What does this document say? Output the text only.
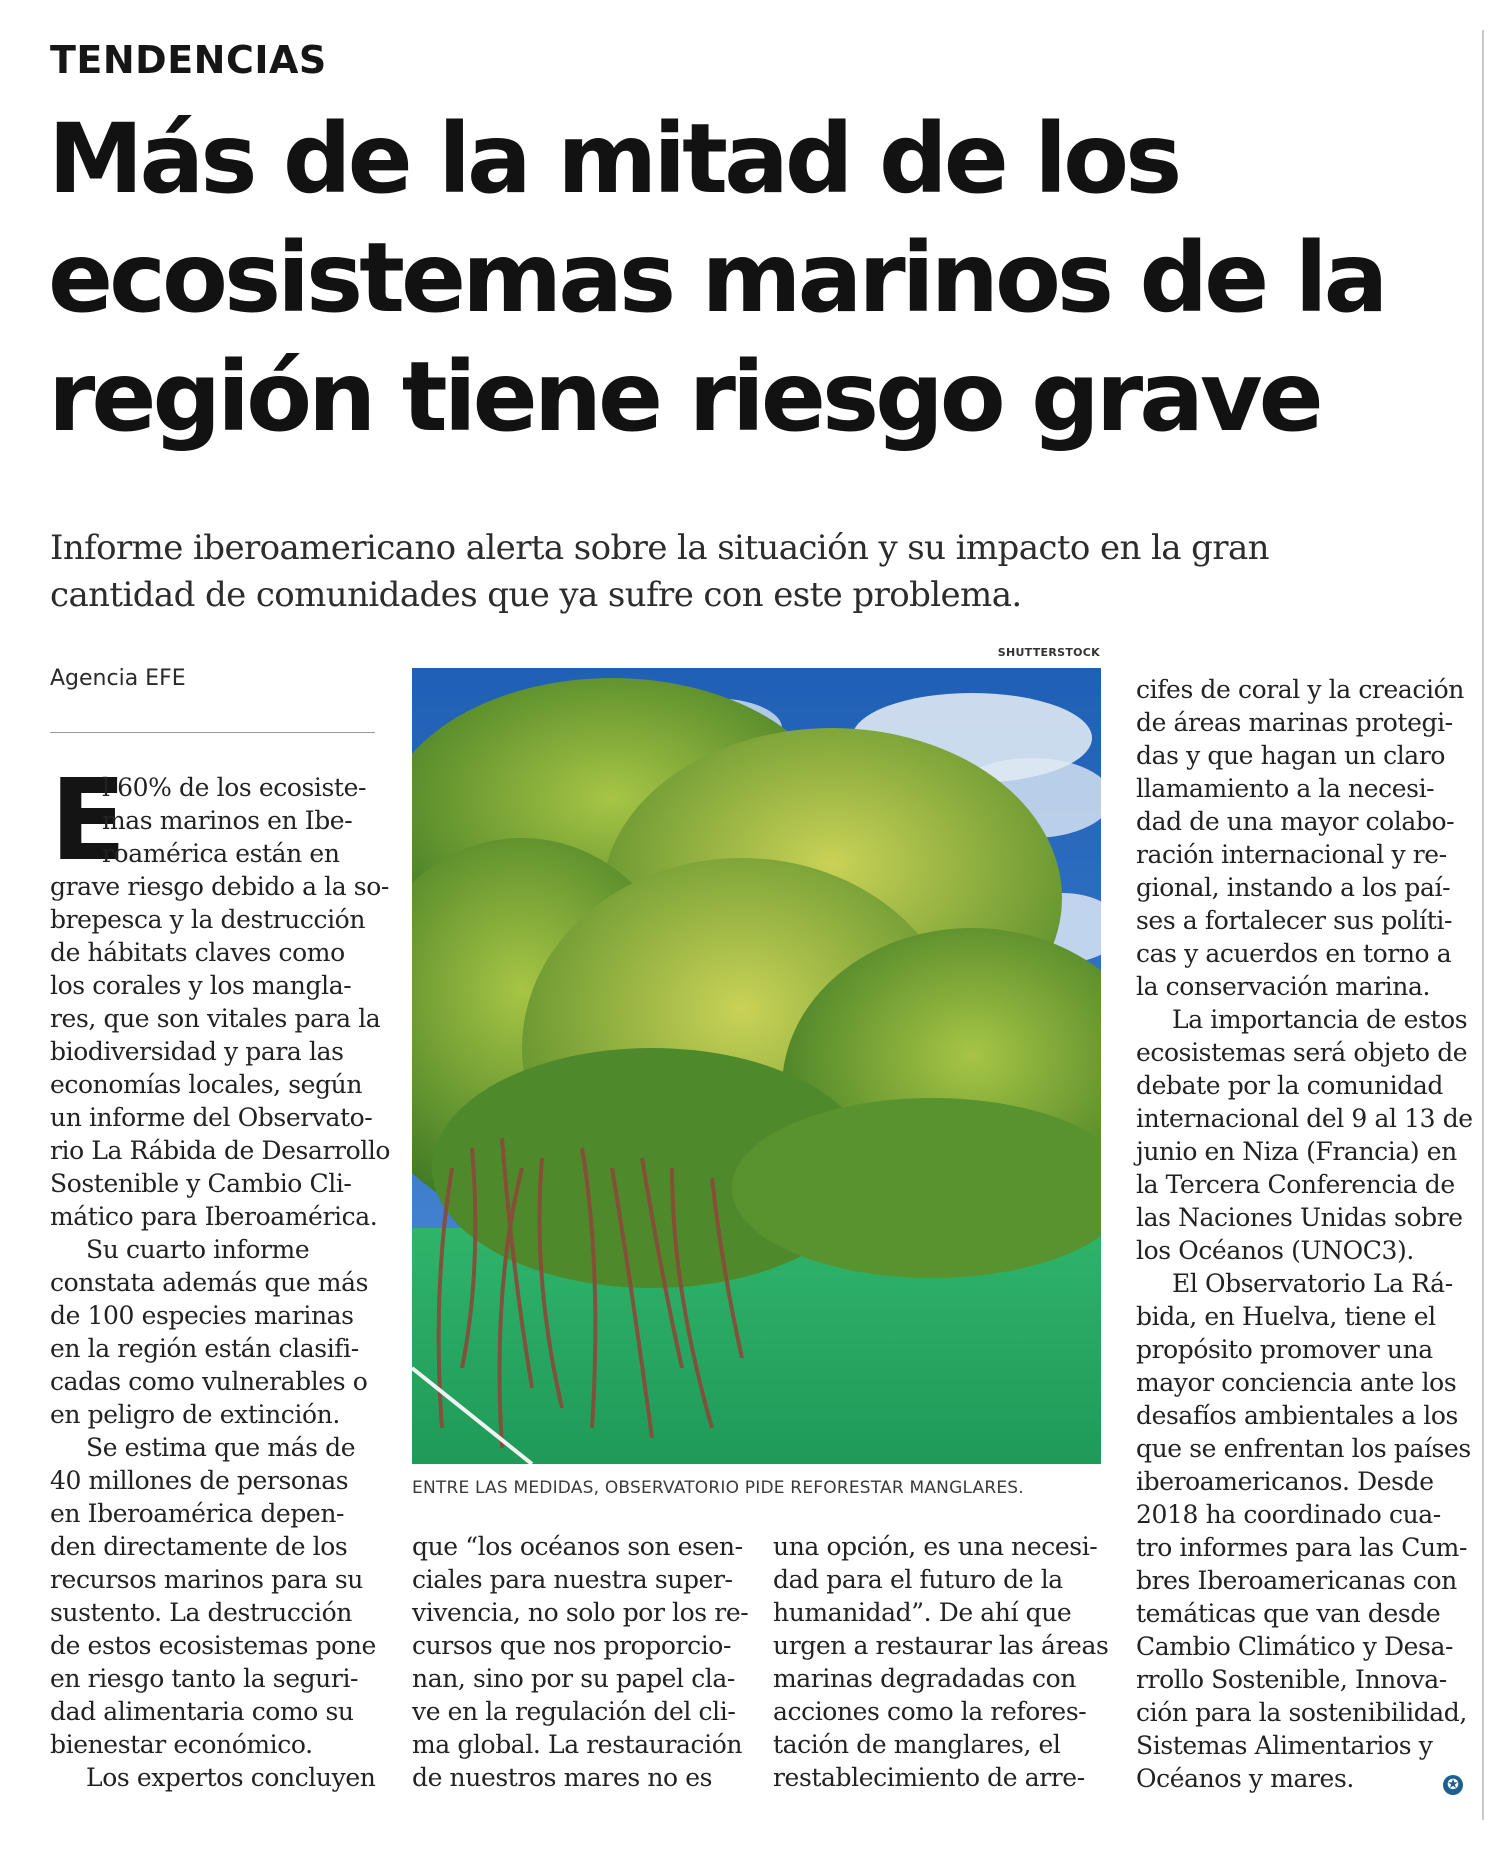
TENDENCIAS
Más de la mitad de los
ecosistemas marinos de la
región tiene riesgo grave
Informe iberoamericano alerta sobre la situación y su impacto en la gran
cantidad de comunidades que ya sufre con este problema.
Agencia EFE
E
l 60% de los ecosiste-
mas marinos en Ibe-
roamérica están en
grave riesgo debido a la so-
brepesca y la destrucción
de hábitats claves como
los corales y los mangla-
res, que son vitales para la
biodiversidad y para las
economías locales, según
un informe del Observato-
rio La Rábida de Desarrollo
Sostenible y Cambio Cli-
mático para Iberoamérica.
Su cuarto informe
constata además que más
de 100 especies marinas
en la región están clasifi-
cadas como vulnerables o
en peligro de extinción.
Se estima que más de
40 millones de personas
en Iberoamérica depen-
den directamente de los
recursos marinos para su
sustento. La destrucción
de estos ecosistemas pone
en riesgo tanto la seguri-
dad alimentaria como su
bienestar económico.
Los expertos concluyen
SHUTTERSTOCK
ENTRE LAS MEDIDAS, OBSERVATORIO PIDE REFORESTAR MANGLARES.
que “los océanos son esen-
ciales para nuestra super-
vivencia, no solo por los re-
cursos que nos proporcio-
nan, sino por su papel cla-
ve en la regulación del cli-
ma global. La restauración
de nuestros mares no es
una opción, es una necesi-
dad para el futuro de la
humanidad”. De ahí que
urgen a restaurar las áreas
marinas degradadas con
acciones como la refores-
tación de manglares, el
restablecimiento de arre-
cifes de coral y la creación
de áreas marinas protegi-
das y que hagan un claro
llamamiento a la necesi-
dad de una mayor colabo-
ración internacional y re-
gional, instando a los paí-
ses a fortalecer sus políti-
cas y acuerdos en torno a
la conservación marina.
La importancia de estos
ecosistemas será objeto de
debate por la comunidad
internacional del 9 al 13 de
junio en Niza (Francia) en
la Tercera Conferencia de
las Naciones Unidas sobre
los Océanos (UNOC3).
El Observatorio La Rá-
bida, en Huelva, tiene el
propósito promover una
mayor conciencia ante los
desafíos ambientales a los
que se enfrentan los países
iberoamericanos. Desde
2018 ha coordinado cua-
tro informes para las Cum-
bres Iberoamericanas con
temáticas que van desde
Cambio Climático y Desa-
rrollo Sostenible, Innova-
ción para la sostenibilidad,
Sistemas Alimentarios y
Océanos y mares.	✪
